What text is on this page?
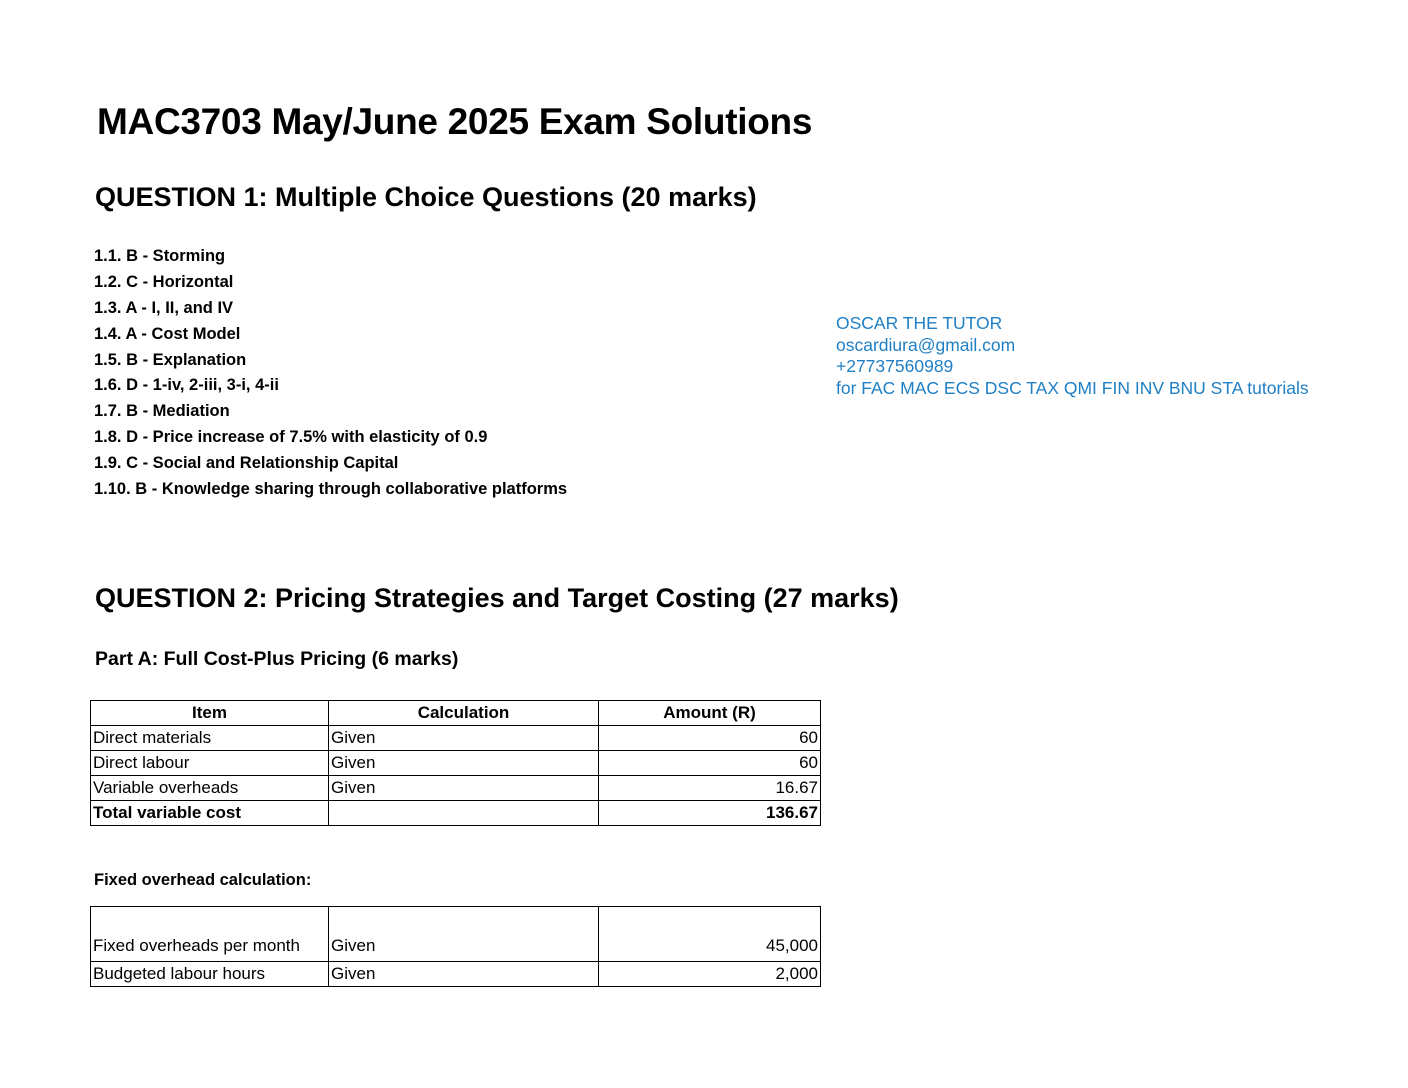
MAC3703 May/June 2025 Exam Solutions
QUESTION 1: Multiple Choice Questions (20 marks)
1.1. B - Storming
1.2. C - Horizontal
1.3. A - I, II, and IV
1.4. A - Cost Model
1.5. B - Explanation
1.6. D - 1-iv, 2-iii, 3-i, 4-ii
1.7. B - Mediation
1.8. D - Price increase of 7.5% with elasticity of 0.9
1.9. C - Social and Relationship Capital
1.10. B - Knowledge sharing through collaborative platforms
OSCAR THE TUTOR
oscardiura@gmail.com
+27737560989
for FAC MAC ECS DSC TAX QMI FIN INV BNU STA tutorials
QUESTION 2: Pricing Strategies and Target Costing (27 marks)
Part A: Full Cost-Plus Pricing (6 marks)
Item	Calculation	Amount (R)
Direct materials	Given	60
Direct labour	Given	60
Variable overheads	Given	16.67
Total variable cost		136.67
Fixed overhead calculation:
Fixed overheads per month	Given	45,000
Budgeted labour hours	Given	2,000
